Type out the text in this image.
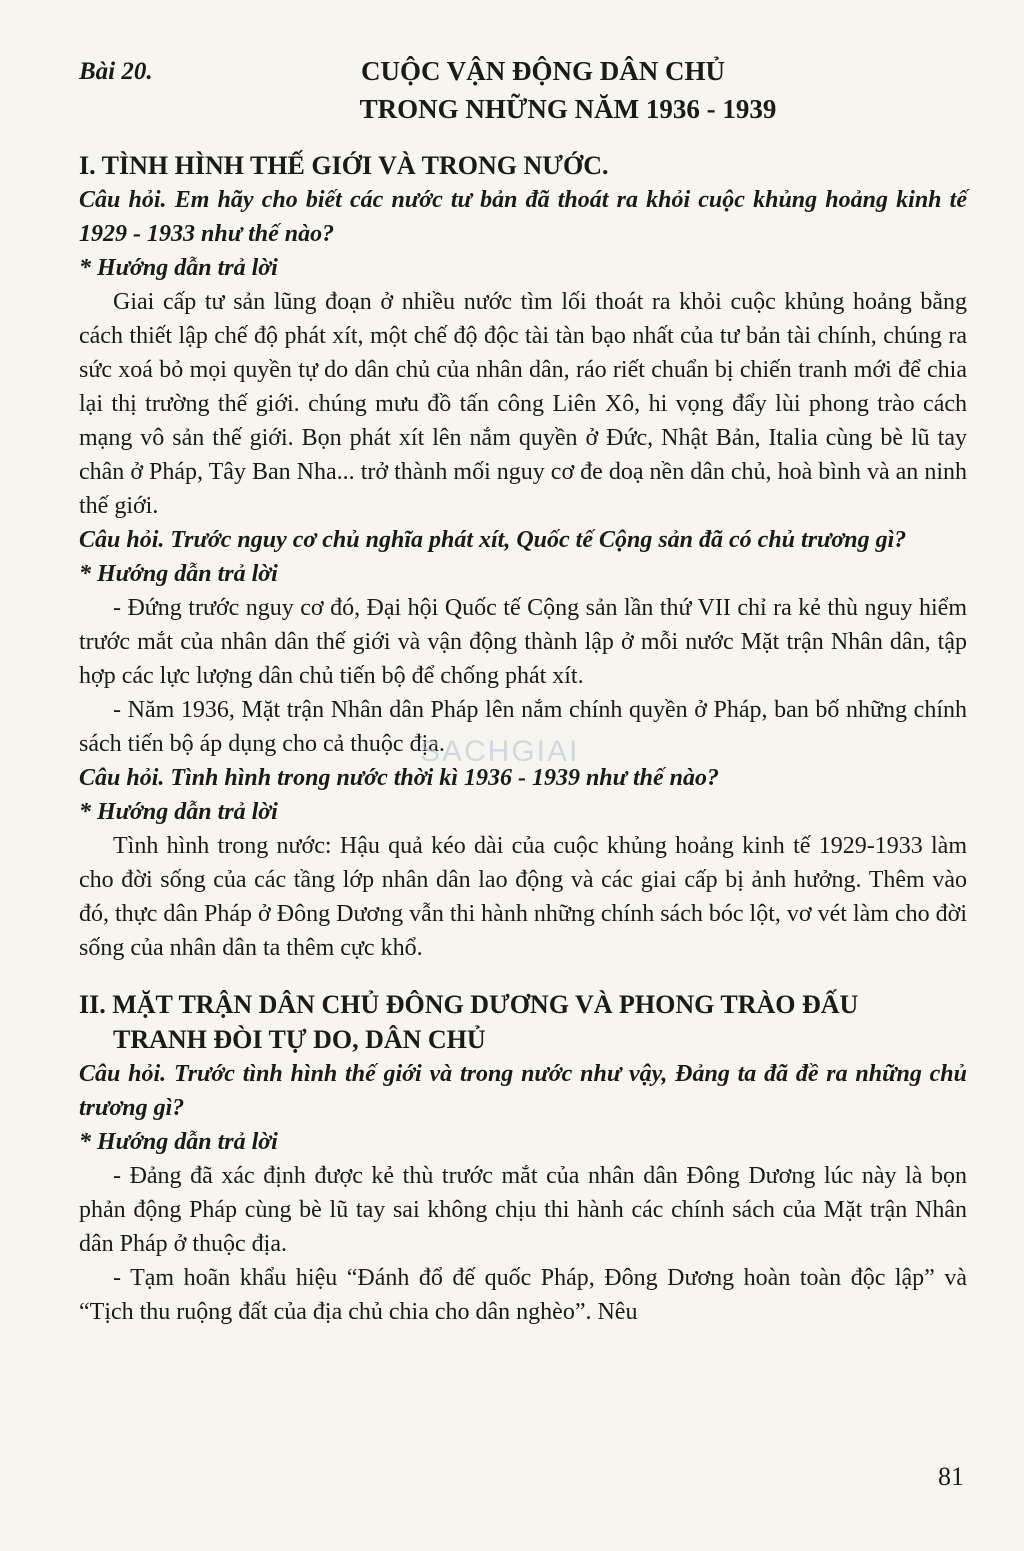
Bài 20.	CUỘC VẬN ĐỘNG DÂN CHỦ
TRONG NHỮNG NĂM 1936 - 1939
I. TÌNH HÌNH THẾ GIỚI VÀ TRONG NƯỚC.
Câu hỏi. Em hãy cho biết các nước tư bản đã thoát ra khỏi cuộc khủng hoảng kinh tế 1929 - 1933 như thế nào?
* Hướng dẫn trả lời

Giai cấp tư sản lũng đoạn ở nhiều nước tìm lối thoát ra khỏi cuộc khủng hoảng bằng cách thiết lập chế độ phát xít, một chế độ độc tài tàn bạo nhất của tư bản tài chính, chúng ra sức xoá bỏ mọi quyền tự do dân chủ của nhân dân, ráo riết chuẩn bị chiến tranh mới để chia lại thị trường thế giới. chúng mưu đồ tấn công Liên Xô, hi vọng đẩy lùi phong trào cách mạng vô sản thế giới. Bọn phát xít lên nắm quyền ở Đức, Nhật Bản, Italia cùng bè lũ tay chân ở Pháp, Tây Ban Nha... trở thành mối nguy cơ đe doạ nền dân chủ, hoà bình và an ninh thế giới.

Câu hỏi. Trước nguy cơ chủ nghĩa phát xít, Quốc tế Cộng sản đã có chủ trương gì?
* Hướng dẫn trả lời

- Đứng trước nguy cơ đó, Đại hội Quốc tế Cộng sản lần thứ VII chỉ ra kẻ thù nguy hiểm trước mắt của nhân dân thế giới và vận động thành lập ở mỗi nước Mặt trận Nhân dân, tập hợp các lực lượng dân chủ tiến bộ để chống phát xít.

- Năm 1936, Mặt trận Nhân dân Pháp lên nắm chính quyền ở Pháp, ban bố những chính sách tiến bộ áp dụng cho cả thuộc địa.

Câu hỏi. Tình hình trong nước thời kì 1936 - 1939 như thế nào?
* Hướng dẫn trả lời

Tình hình trong nước: Hậu quả kéo dài của cuộc khủng hoảng kinh tế 1929-1933 làm cho đời sống của các tầng lớp nhân dân lao động và các giai cấp bị ảnh hưởng. Thêm vào đó, thực dân Pháp ở Đông Dương vẫn thi hành những chính sách bóc lột, vơ vét làm cho đời sống của nhân dân ta thêm cực khổ.

II. MẶT TRẬN DÂN CHỦ ĐÔNG DƯƠNG VÀ PHONG TRÀO ĐẤU
TRANH ĐÒI TỰ DO, DÂN CHỦ
Câu hỏi. Trước tình hình thế giới và trong nước như vậy, Đảng ta đã đề ra những chủ trương gì?
* Hướng dẫn trả lời

- Đảng đã xác định được kẻ thù trước mắt của nhân dân Đông Dương lúc này là bọn phản động Pháp cùng bè lũ tay sai không chịu thi hành các chính sách của Mặt trận Nhân dân Pháp ở thuộc địa.

- Tạm hoãn khẩu hiệu “Đánh đổ đế quốc Pháp, Đông Dương hoàn toàn độc lập” và “Tịch thu ruộng đất của địa chủ chia cho dân nghèo”. Nêu

SACHGIAI
81
